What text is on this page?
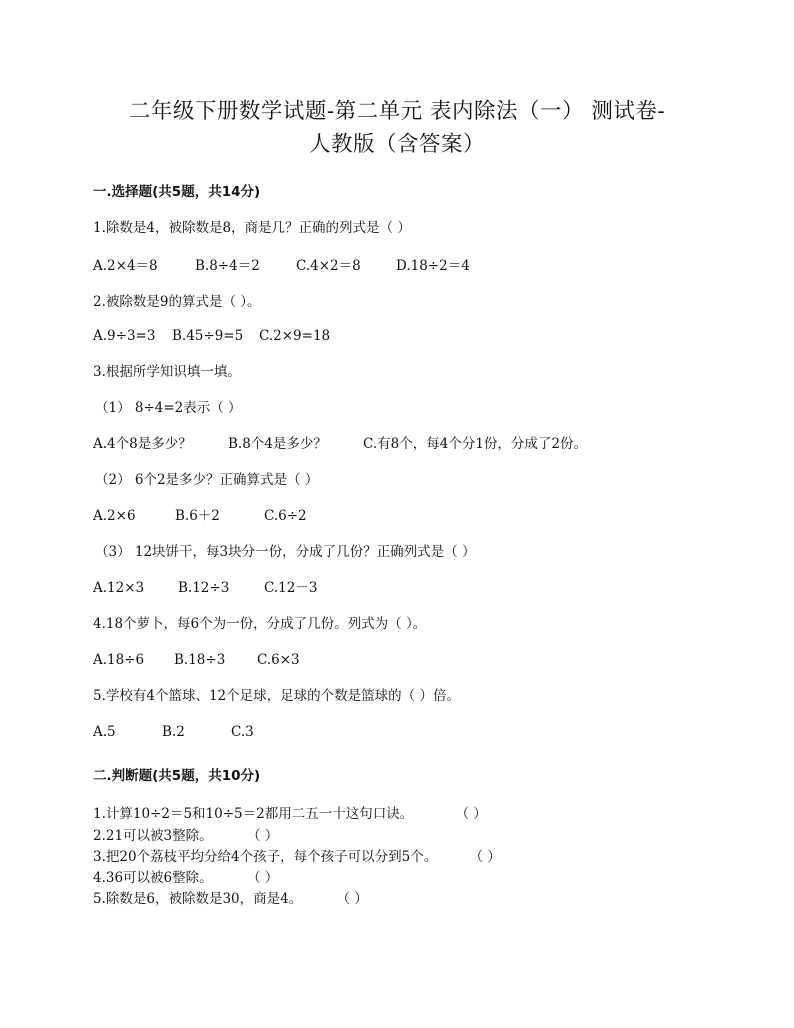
二年级下册数学试题-第二单元 表内除法（一） 测试卷-
人教版（含答案）
一.选择题(共5题，共14分)
1.除数是4，被除数是8，商是几？正确的列式是（ ）
A.2×4＝8	B.8÷4＝2	C.4×2＝8	D.18÷2＝4
2.被除数是9的算式是（ ）。
A.9÷3=3 B.45÷9=5 C.2×9=18
3.根据所学知识填一填。
（1） 8÷4=2表示（ ）
A.4个8是多少？	B.8个4是多少？	C.有8个，每4个分1份，分成了2份。
（2） 6个2是多少？正确算式是（ ）
A.2×6	B.6＋2	C.6÷2
（3） 12块饼干，每3块分一份，分成了几份？正确列式是（ ）
A.12×3	B.12÷3	C.12－3
4.18个萝卜，每6个为一份，分成了几份。列式为（ ）。
A.18÷6 B.18÷3 C.6×3
5.学校有4个篮球、12个足球，足球的个数是篮球的（ ）倍。
A.5	B.2	C.3
二.判断题(共5题，共10分)
1.计算10÷2＝5和10÷5＝2都用二五一十这句口诀。	（ ）
2.21可以被3整除。	（ ）
3.把20个荔枝平均分给4个孩子，每个孩子可以分到5个。 （ ）
4.36可以被6整除。	（ ）
5.除数是6，被除数是30，商是4。	（ ）
